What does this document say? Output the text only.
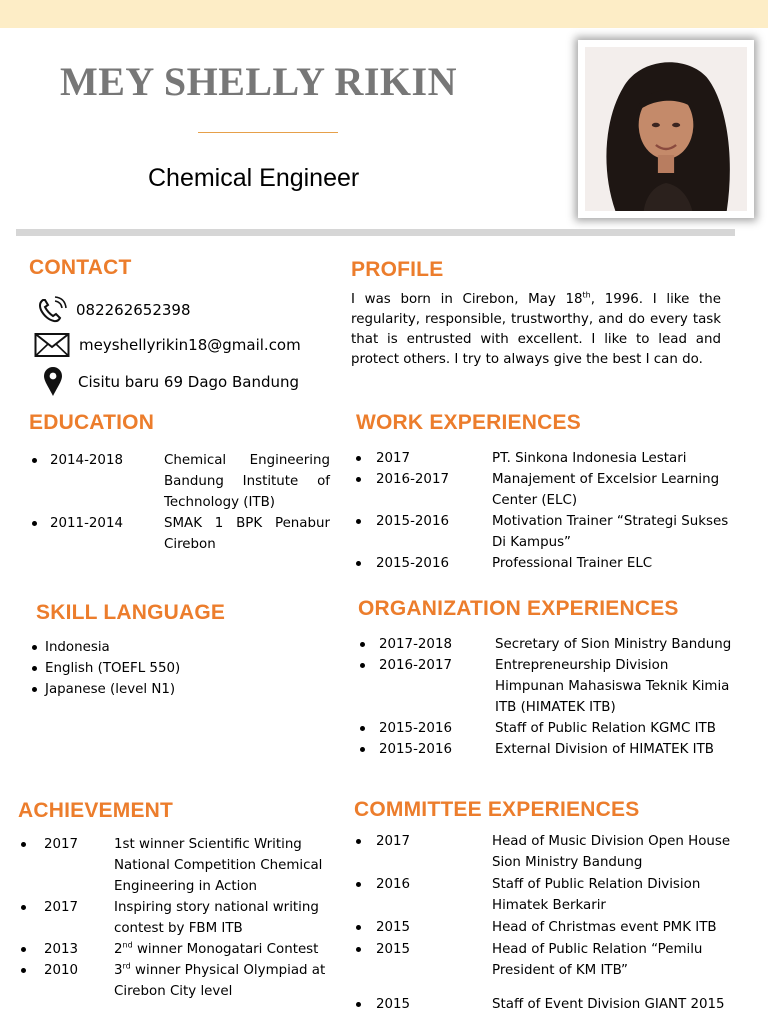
MEY SHELLY RIKIN
Chemical Engineer
CONTACT
082262652398
meyshellyrikin18@gmail.com
Cisitu baru 69 Dago Bandung
PROFILE
I was born in Cirebon, May 18th, 1996. I like the regularity, responsible, trustworthy, and do every task that is entrusted with excellent. I like to lead and protect others. I try to always give the best I can do.
EDUCATION
2014-2018	Chemical Engineering Bandung Institute of Technology (ITB)
2011-2014	SMAK 1 BPK Penabur Cirebon
WORK EXPERIENCES
2017	PT. Sinkona Indonesia Lestari
2016-2017	Manajement of Excelsior Learning Center (ELC)
2015-2016	Motivation Trainer “Strategi Sukses Di Kampus”
2015-2016	Professional Trainer ELC
SKILL LANGUAGE
Indonesia
English (TOEFL 550)
Japanese (level N1)
ORGANIZATION EXPERIENCES
2017-2018	Secretary of Sion Ministry Bandung
2016-2017	Entrepreneurship Division Himpunan Mahasiswa Teknik Kimia ITB (HIMATEK ITB)
2015-2016	Staff of Public Relation KGMC ITB
2015-2016	External Division of HIMATEK ITB
ACHIEVEMENT
2017	1st winner Scientific Writing National Competition Chemical Engineering in Action
2017	Inspiring story national writing contest by FBM ITB
2013	2nd winner Monogatari Contest
2010	3rd winner Physical Olympiad at Cirebon City level
COMMITTEE EXPERIENCES
2017	Head of Music Division Open House Sion Ministry Bandung
2016	Staff of Public Relation Division Himatek Berkarir
2015	Head of Christmas event PMK ITB
2015	Head of Public Relation “Pemilu President of KM ITB”
2015	Staff of Event Division GIANT 2015
